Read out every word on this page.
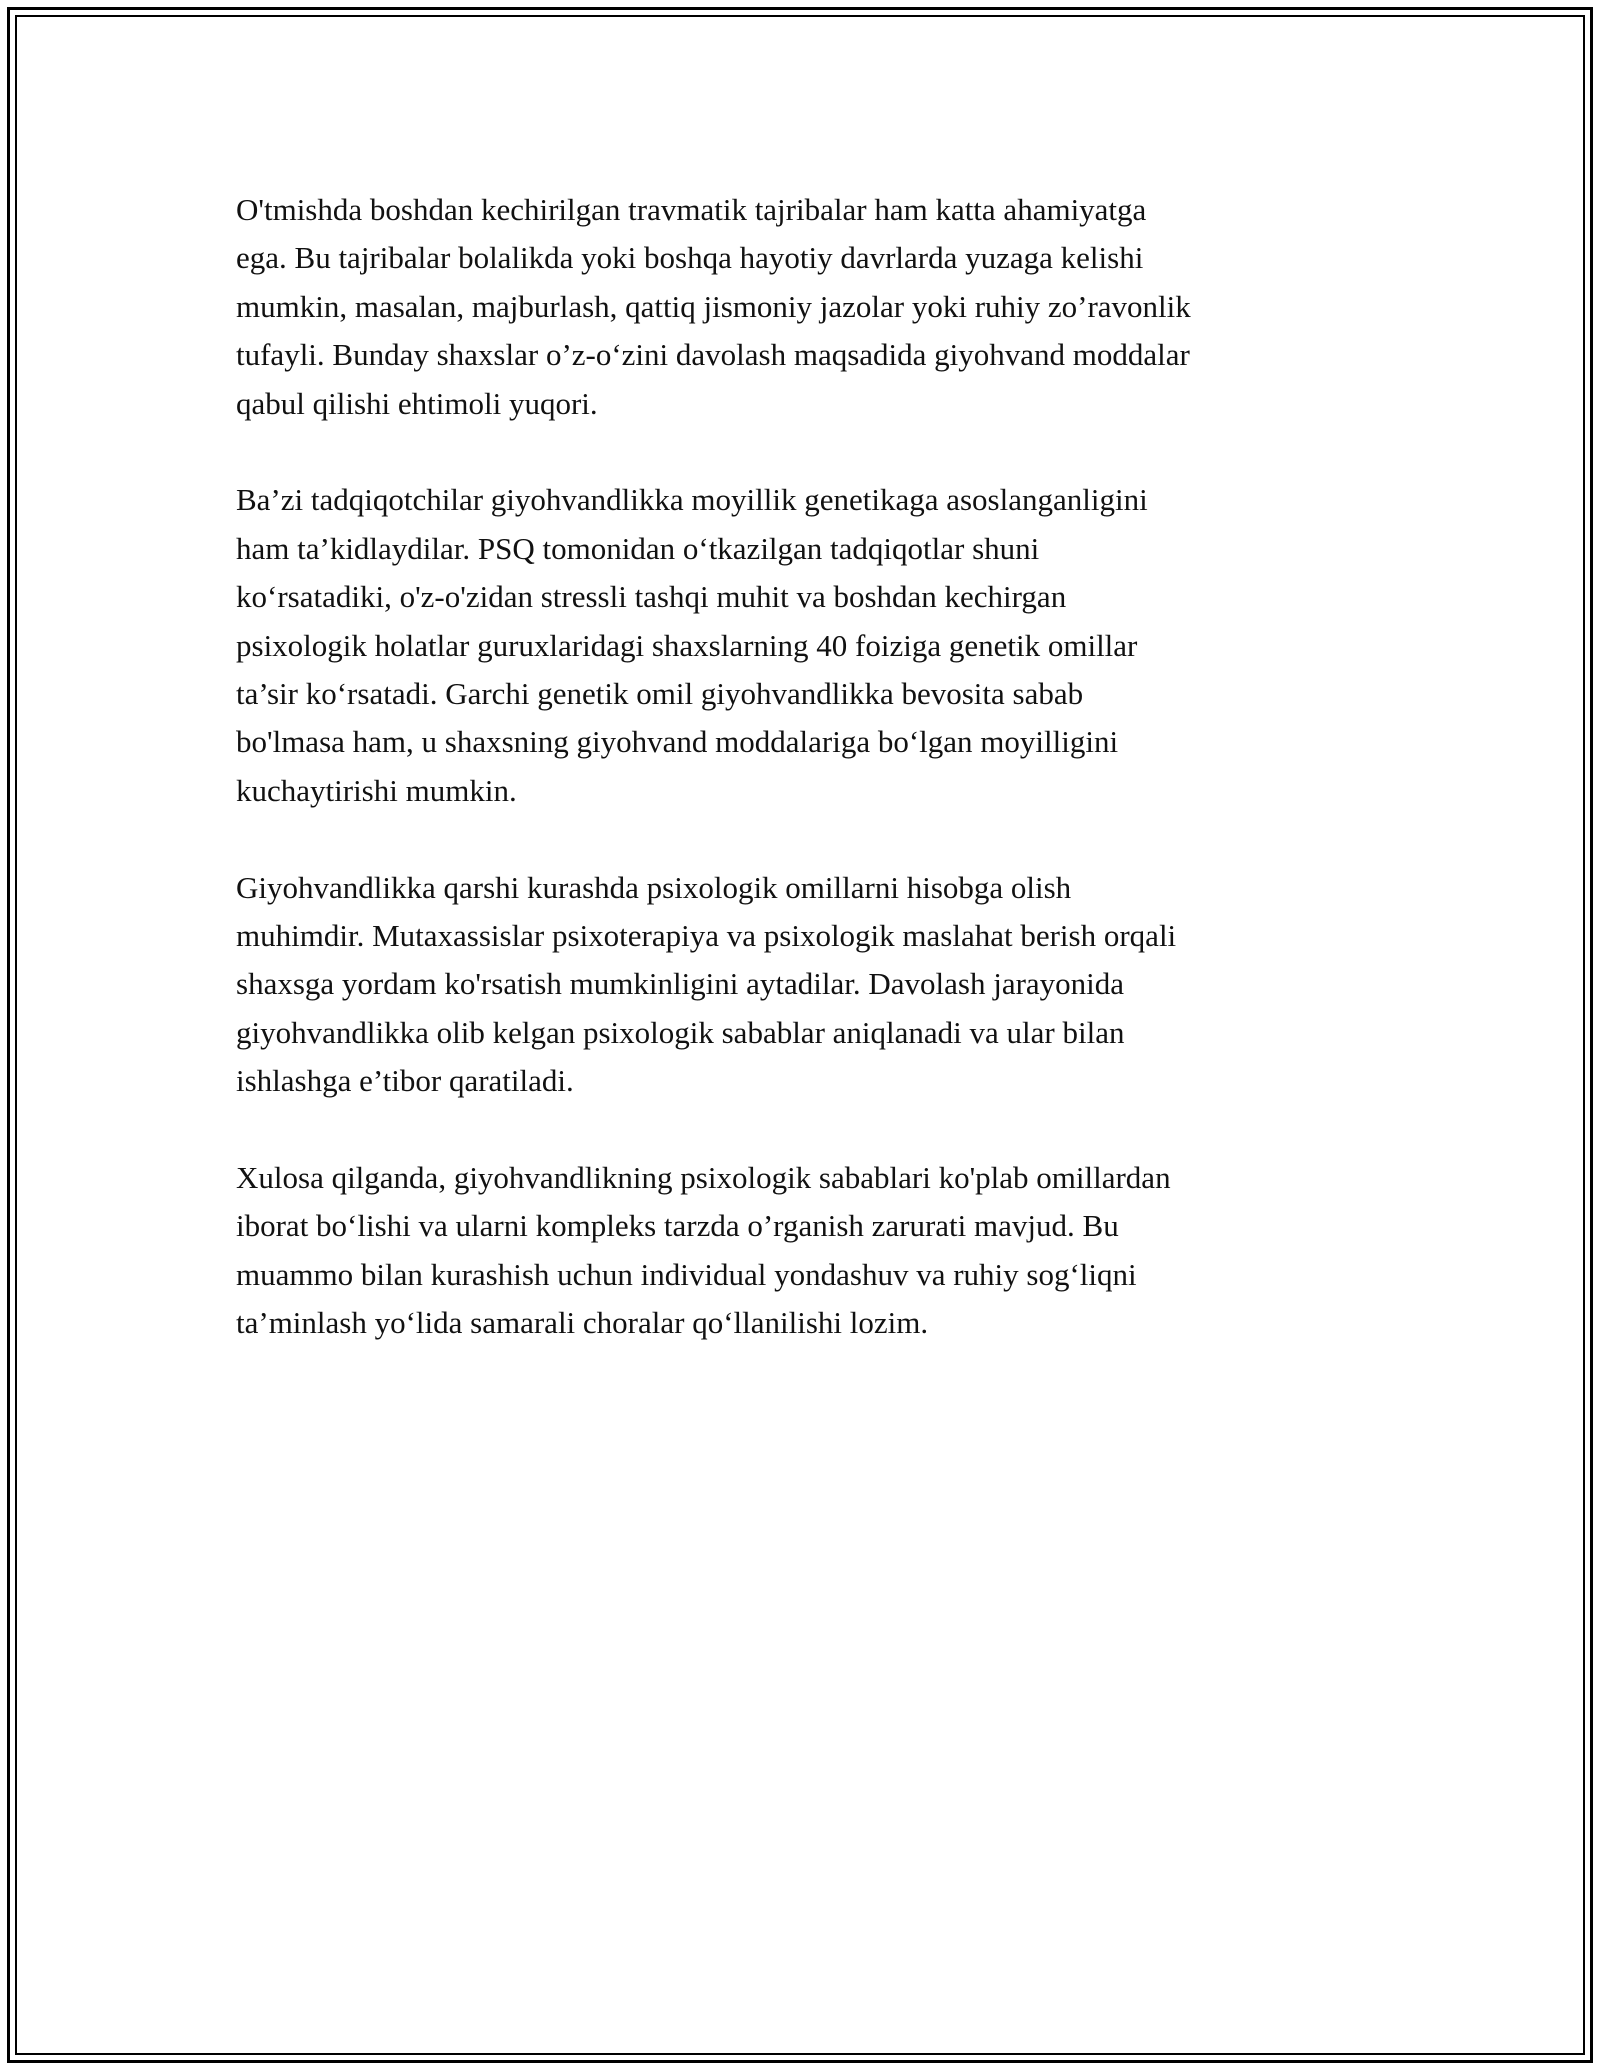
O'tmishda boshdan kechirilgan travmatik tajribalar ham katta ahamiyatga
ega. Bu tajribalar bolalikda yoki boshqa hayotiy davrlarda yuzaga kelishi
mumkin, masalan, majburlash, qattiq jismoniy jazolar yoki ruhiy zo’ravonlik
tufayli. Bunday shaxslar o’z-o‘zini davolash maqsadida giyohvand moddalar
qabul qilishi ehtimoli yuqori.

Ba’zi tadqiqotchilar giyohvandlikka moyillik genetikaga asoslanganligini
ham ta’kidlaydilar. PSQ tomonidan o‘tkazilgan tadqiqotlar shuni
ko‘rsatadiki, o'z-o'zidan stressli tashqi muhit va boshdan kechirgan
psixologik holatlar guruxlaridagi shaxslarning 40 foiziga genetik omillar
ta’sir ko‘rsatadi. Garchi genetik omil giyohvandlikka bevosita sabab
bo'lmasa ham, u shaxsning giyohvand moddalariga bo‘lgan moyilligini
kuchaytirishi mumkin.

Giyohvandlikka qarshi kurashda psixologik omillarni hisobga olish
muhimdir. Mutaxassislar psixoterapiya va psixologik maslahat berish orqali
shaxsga yordam ko'rsatish mumkinligini aytadilar. Davolash jarayonida
giyohvandlikka olib kelgan psixologik sabablar aniqlanadi va ular bilan
ishlashga e’tibor qaratiladi.

Xulosa qilganda, giyohvandlikning psixologik sabablari ko'plab omillardan
iborat bo‘lishi va ularni kompleks tarzda o’rganish zarurati mavjud. Bu
muammo bilan kurashish uchun individual yondashuv va ruhiy sog‘liqni
ta’minlash yo‘lida samarali choralar qo‘llanilishi lozim.
